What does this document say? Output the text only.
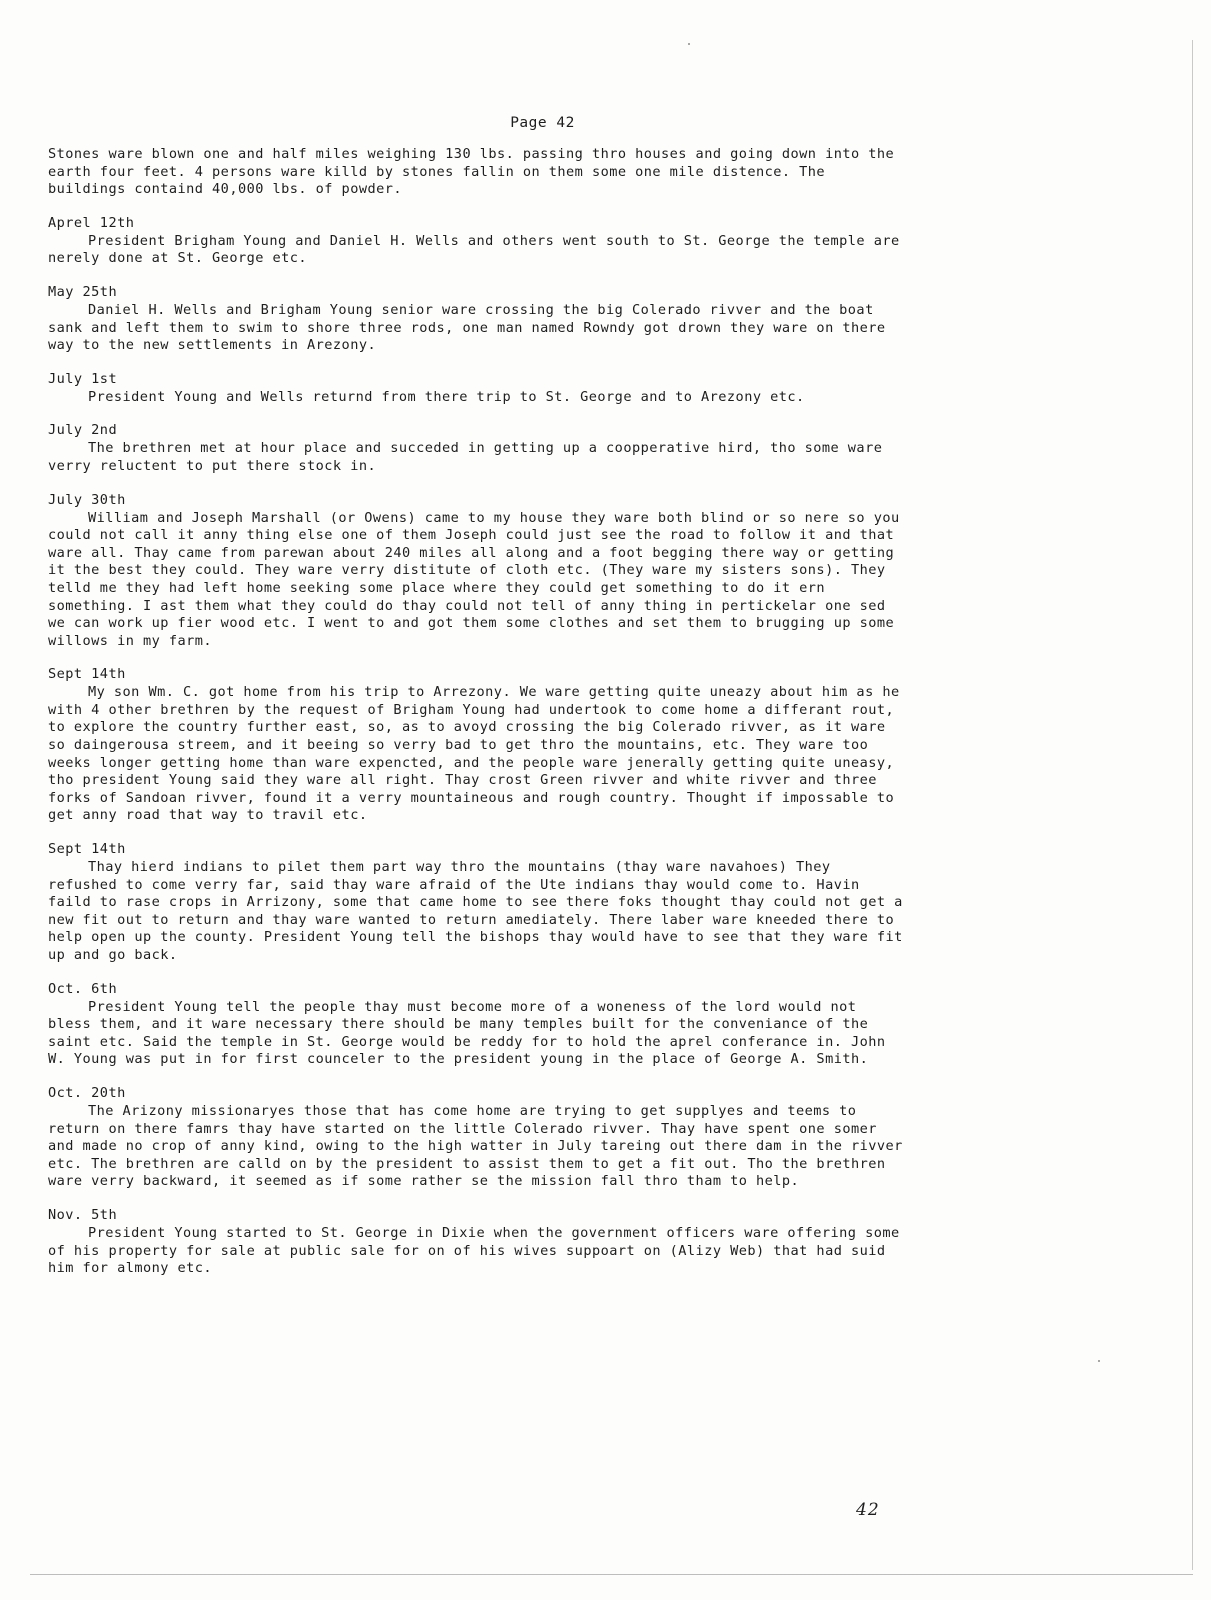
Page 42

Stones ware blown one and half miles weighing 130 lbs. passing thro houses and going down into the earth four feet. 4 persons ware killd by stones fallin on them some one mile distence. The buildings containd 40,000 lbs. of powder.

Aprel 12th

President Brigham Young and Daniel H. Wells and others went south to St. George the temple are nerely done at St. George etc.

May 25th

Daniel H. Wells and Brigham Young senior ware crossing the big Colerado rivver and the boat sank and left them to swim to shore three rods, one man named Rowndy got drown they ware on there way to the new settlements in Arezony.

July 1st

President Young and Wells returnd from there trip to St. George and to Arezony etc.

July 2nd

The brethren met at hour place and succeded in getting up a coopperative hird, tho some ware verry reluctent to put there stock in.

July 30th

William and Joseph Marshall (or Owens) came to my house they ware both blind or so nere so you could not call it anny thing else one of them Joseph could just see the road to follow it and that ware all. Thay came from parewan about 240 miles all along and a foot begging there way or getting it the best they could. They ware verry distitute of cloth etc. (They ware my sisters sons). They telld me they had left home seeking some place where they could get something to do it ern something. I ast them what they could do thay could not tell of anny thing in pertickelar one sed we can work up fier wood etc. I went to and got them some clothes and set them to brugging up some willows in my farm.

Sept 14th

My son Wm. C. got home from his trip to Arrezony. We ware getting quite uneazy about him as he with 4 other brethren by the request of Brigham Young had undertook to come home a differant rout, to explore the country further east, so, as to avoyd crossing the big Colerado rivver, as it ware so daingerousa streem, and it beeing so verry bad to get thro the mountains, etc. They ware too weeks longer getting home than ware expencted, and the people ware jenerally getting quite uneasy, tho president Young said they ware all right. Thay crost Green rivver and white rivver and three forks of Sandoan rivver, found it a verry mountaineous and rough country. Thought if impossable to get anny road that way to travil etc.

Sept 14th

Thay hierd indians to pilet them part way thro the mountains (thay ware navahoes) They refushed to come verry far, said thay ware afraid of the Ute indians thay would come to. Havin faild to rase crops in Arrizony, some that came home to see there foks thought thay could not get a new fit out to return and thay ware wanted to return amediately. There laber ware kneeded there to help open up the county. President Young tell the bishops thay would have to see that they ware fit up and go back.

Oct. 6th

President Young tell the people thay must become more of a woneness of the lord would not bless them, and it ware necessary there should be many temples built for the conveniance of the saint etc. Said the temple in St. George would be reddy for to hold the aprel conferance in. John W. Young was put in for first counceler to the president young in the place of George A. Smith.

Oct. 20th

The Arizony missionaryes those that has come home are trying to get supplyes and teems to return on there famrs thay have started on the little Colerado rivver. Thay have spent one somer and made no crop of anny kind, owing to the high watter in July tareing out there dam in the rivver etc. The brethren are calld on by the president to assist them to get a fit out. Tho the brethren ware verry backward, it seemed as if some rather se the mission fall thro tham to help.

Nov. 5th

President Young started to St. George in Dixie when the government officers ware offering some of his property for sale at public sale for on of his wives suppoart on (Alizy Web) that had suid him for almony etc.

42
